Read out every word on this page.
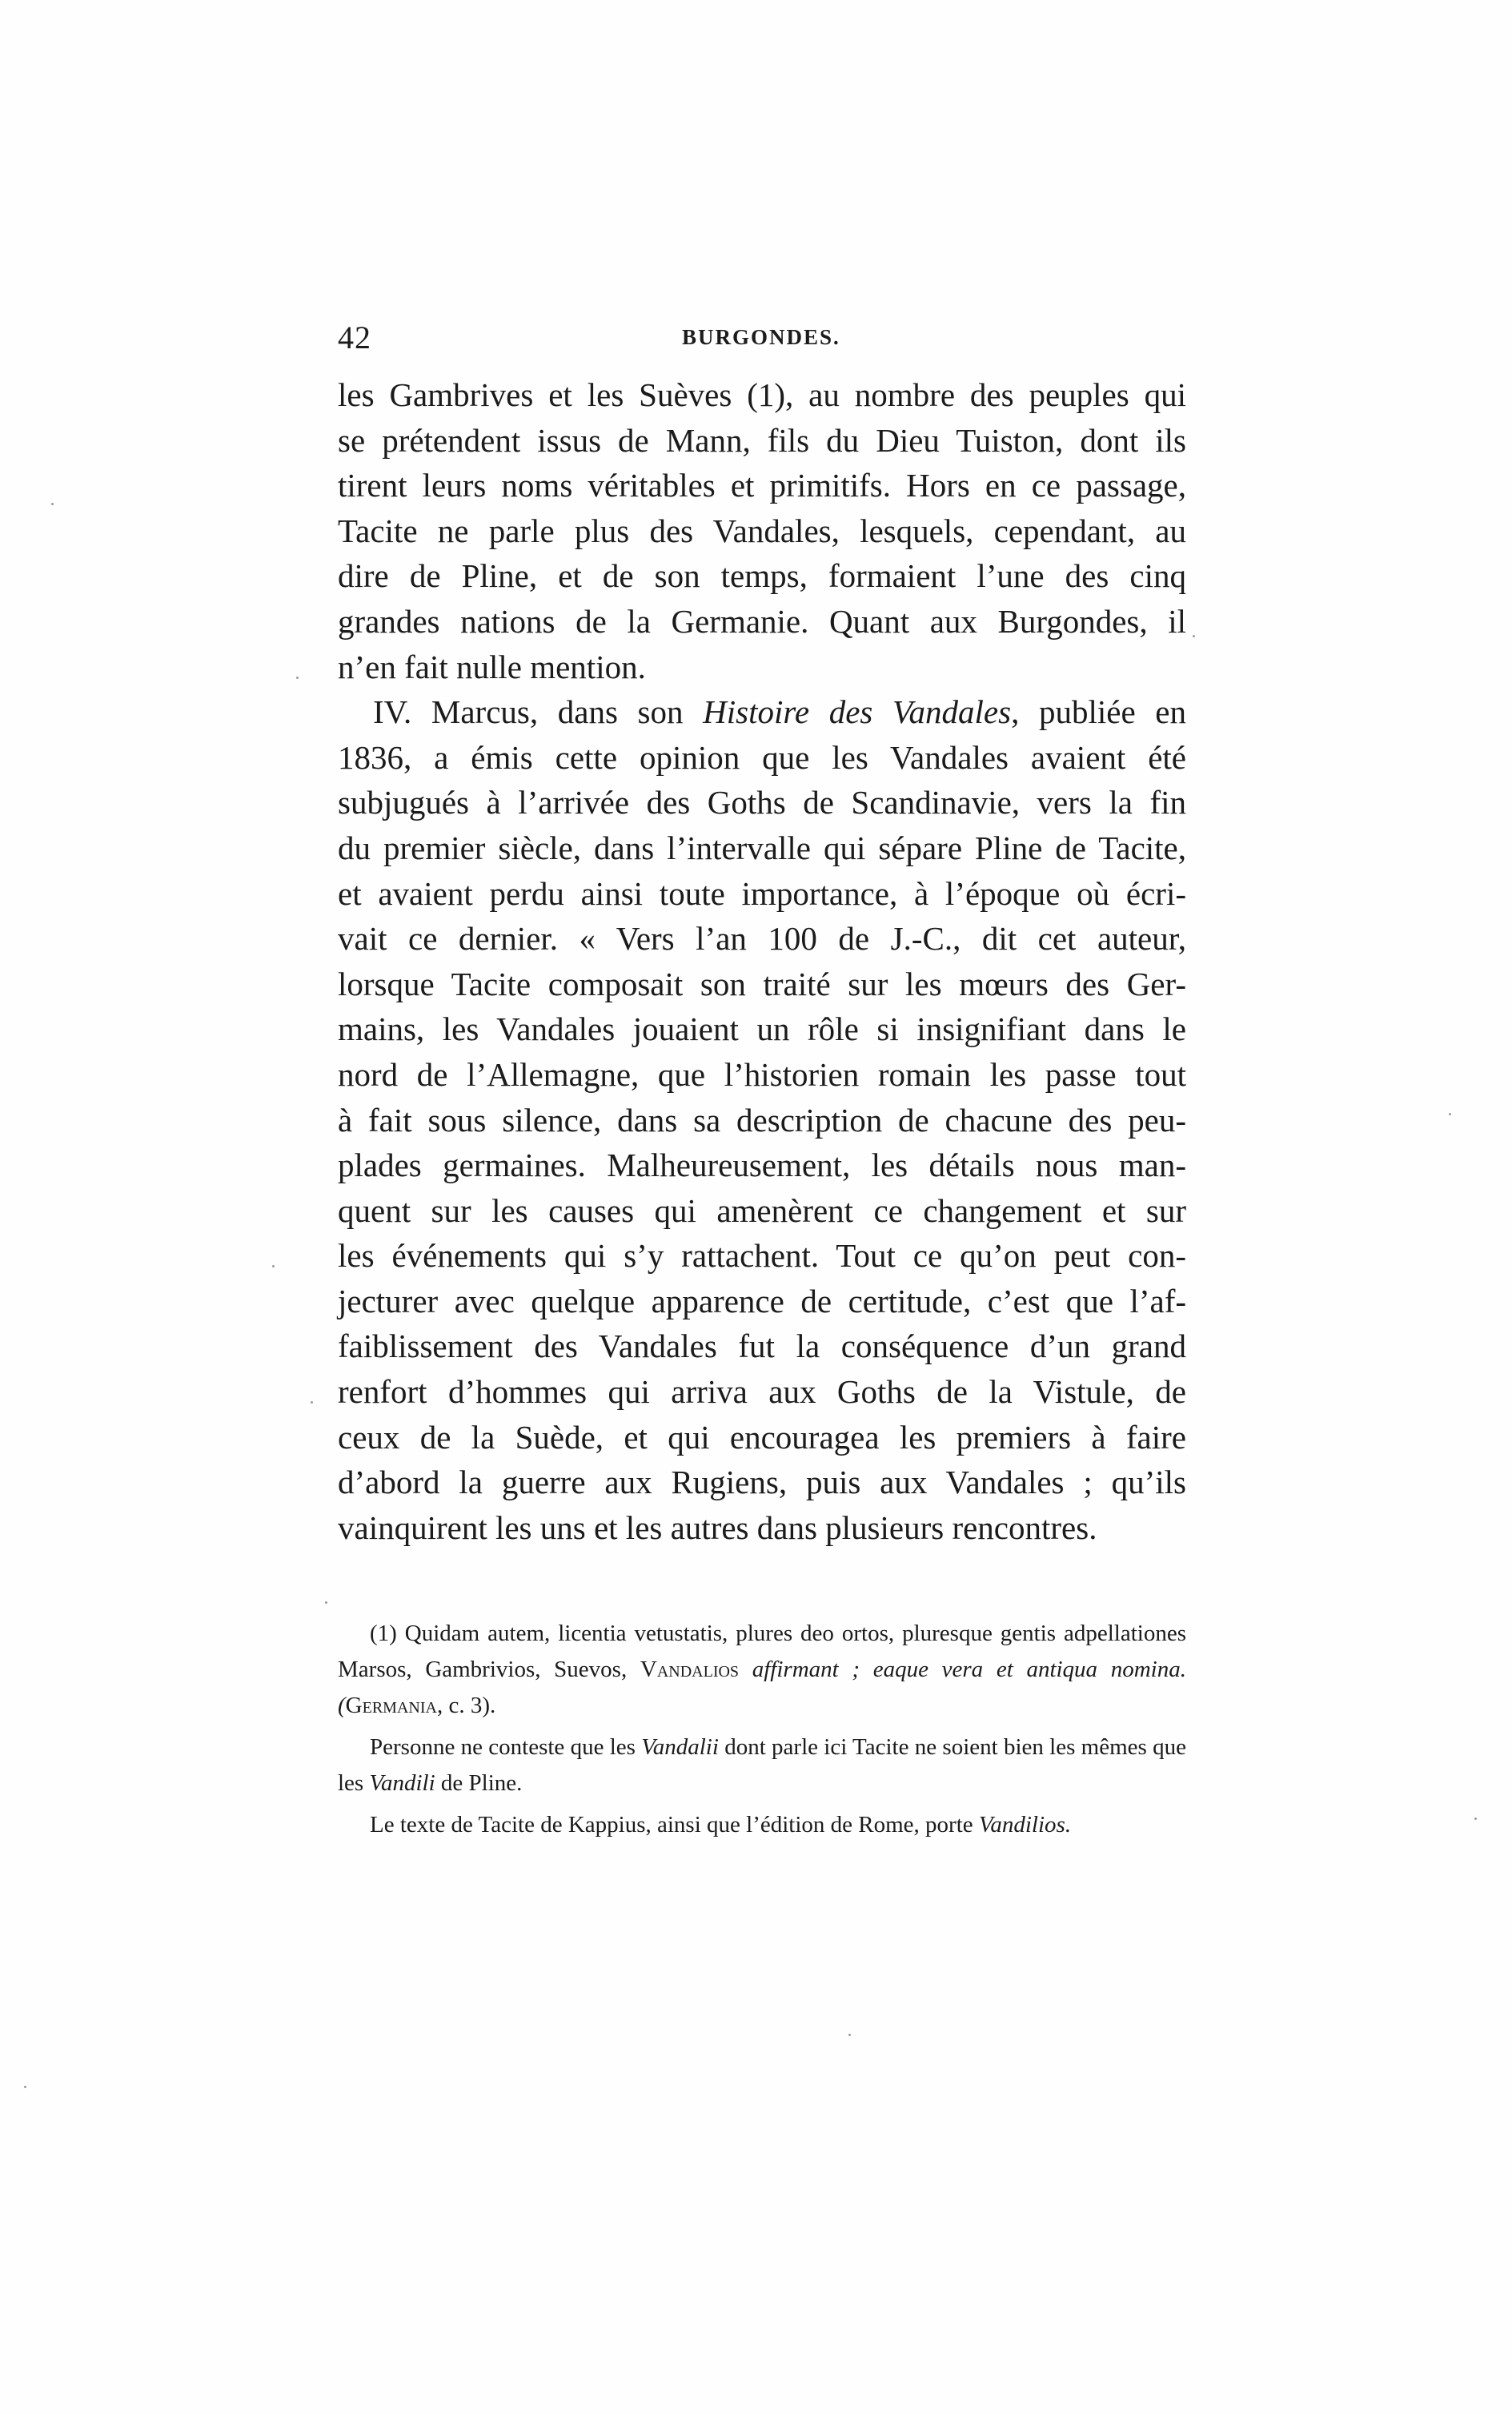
42	BURGONDES.

les Gambrives et les Suèves (1), au nombre des peuples qui

se prétendent issus de Mann, fils du Dieu Tuiston, dont ils

tirent leurs noms véritables et primitifs. Hors en ce passage,

Tacite ne parle plus des Vandales, lesquels, cependant, au

dire de Pline, et de son temps, formaient l’une des cinq

grandes nations de la Germanie. Quant aux Burgondes, il

n’en fait nulle mention.

IV. Marcus, dans son Histoire des Vandales, publiée en

1836, a émis cette opinion que les Vandales avaient été

subjugués à l’arrivée des Goths de Scandinavie, vers la fin

du premier siècle, dans l’intervalle qui sépare Pline de Tacite,

et avaient perdu ainsi toute importance, à l’époque où écri-

vait ce dernier. « Vers l’an 100 de J.-C., dit cet auteur,

lorsque Tacite composait son traité sur les mœurs des Ger-

mains, les Vandales jouaient un rôle si insignifiant dans le

nord de l’Allemagne, que l’historien romain les passe tout

à fait sous silence, dans sa description de chacune des peu-

plades germaines. Malheureusement, les détails nous man-

quent sur les causes qui amenèrent ce changement et sur

les événements qui s’y rattachent. Tout ce qu’on peut con-

jecturer avec quelque apparence de certitude, c’est que l’af-

faiblissement des Vandales fut la conséquence d’un grand

renfort d’hommes qui arriva aux Goths de la Vistule, de

ceux de la Suède, et qui encouragea les premiers à faire

d’abord la guerre aux Rugiens, puis aux Vandales ; qu’ils

vainquirent les uns et les autres dans plusieurs rencontres.

(1) Quidam autem, licentia vetustatis, plures deo ortos, pluresque gentis adpellationes Marsos, Gambrivios, Suevos, Vandalios affirmant ; eaque vera et antiqua nomina. (Germania, c. 3).

Personne ne conteste que les Vandalii dont parle ici Tacite ne soient bien les mêmes que les Vandili de Pline.

Le texte de Tacite de Kappius, ainsi que l’édition de Rome, porte Vandilios.
